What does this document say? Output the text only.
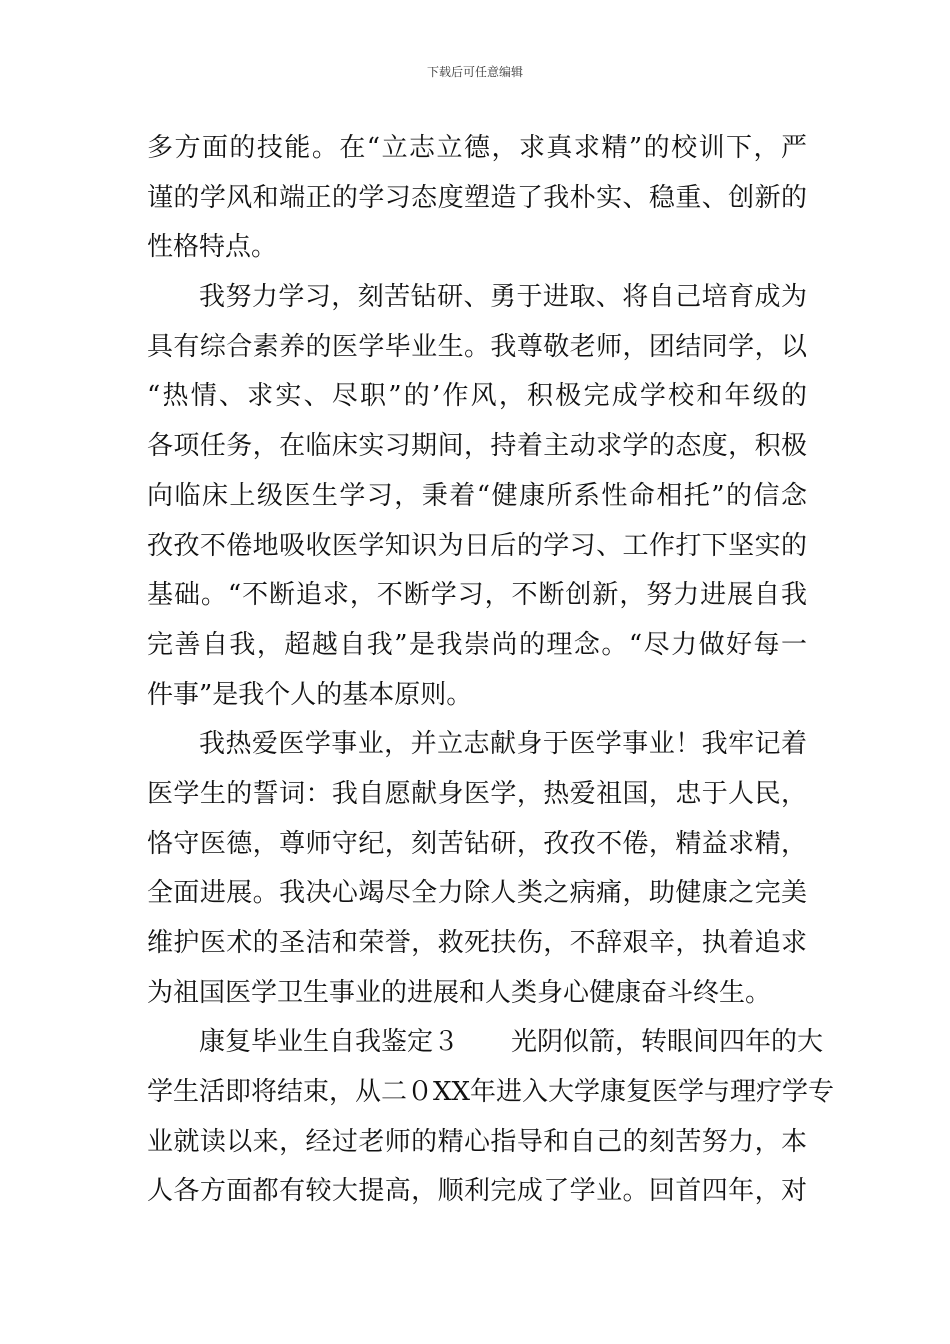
下载后可任意编辑
多方面的技能。在“立志立德，求真求精”的校训下，严
谨的学风和端正的学习态度塑造了我朴实、稳重、创新的
性格特点。
我努力学习，刻苦钻研、勇于进取、将自己培育成为
具有综合素养的医学毕业生。我尊敬老师，团结同学，以
“热情、求实、尽职”的’作风，积极完成学校和年级的
各项任务，在临床实习期间，持着主动求学的态度，积极
向临床上级医生学习，秉着“健康所系性命相托”的信念
孜孜不倦地吸收医学知识为日后的学习、工作打下坚实的
基础。“不断追求，不断学习，不断创新，努力进展自我
完善自我，超越自我”是我崇尚的理念。“尽力做好每一
件事”是我个人的基本原则。
我热爱医学事业，并立志献身于医学事业！我牢记着
医学生的誓词：我自愿献身医学，热爱祖国，忠于人民，
恪守医德，尊师守纪，刻苦钻研，孜孜不倦，精益求精，
全面进展。我决心竭尽全力除人类之病痛，助健康之完美
维护医术的圣洁和荣誉，救死扶伤，不辞艰辛，执着追求
为祖国医学卫生事业的进展和人类身心健康奋斗终生。
康复毕业生自我鉴定３　　光阴似箭，转眼间四年的大
学生活即将结束，从二０XX年进入大学康复医学与理疗学专
业就读以来，经过老师的精心指导和自己的刻苦努力，本
人各方面都有较大提高，顺利完成了学业。回首四年，对
